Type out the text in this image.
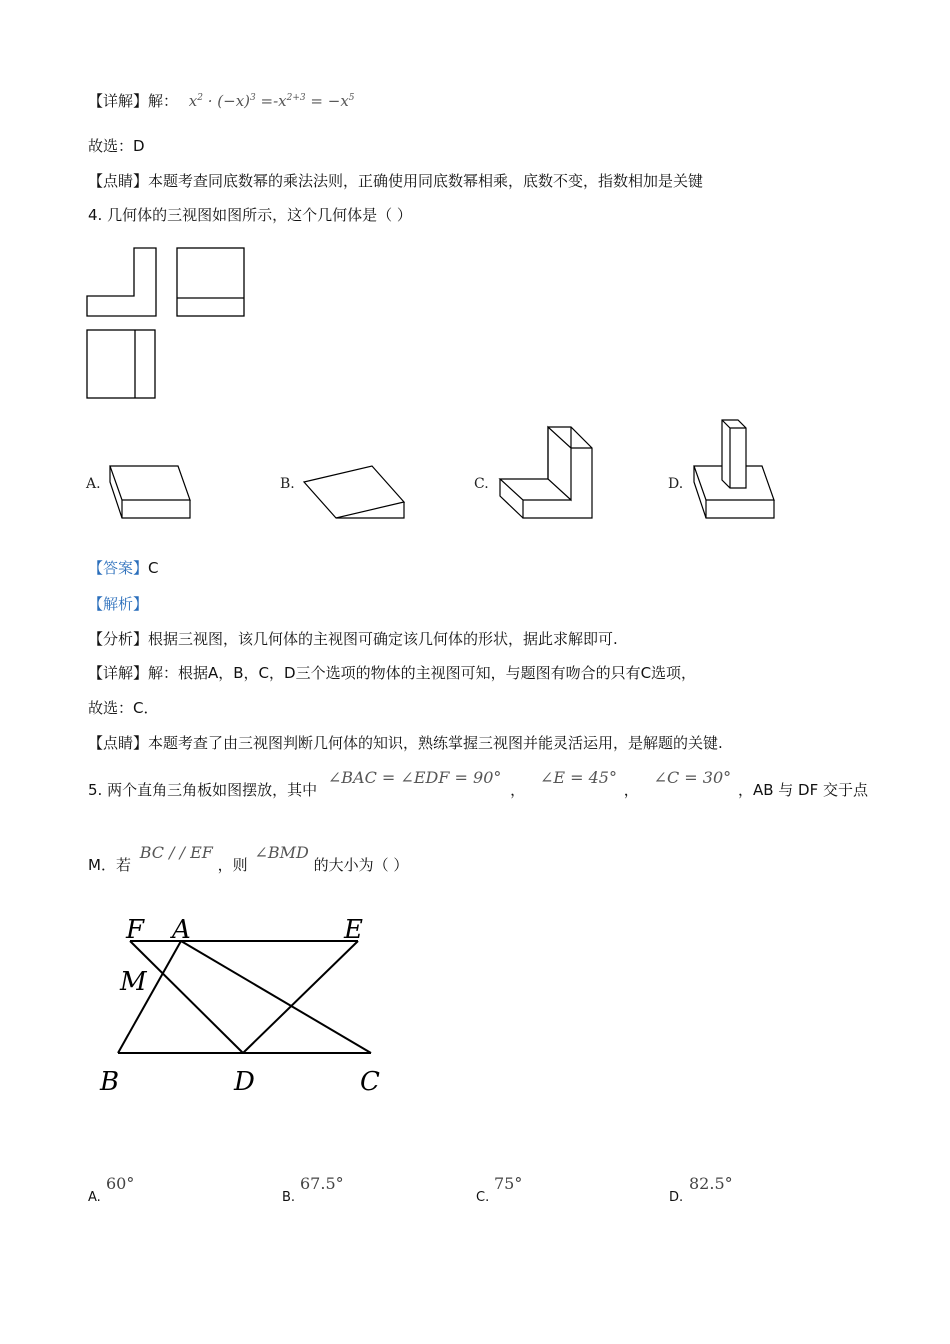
【详解】解： $x^2 \cdot (-x)^3 =-x^{2+3} = -x^5$
故选：D
【点睛】本题考查同底数幂的乘法法则，正确使用同底数幂相乘，底数不变，指数相加是关键
4. 几何体的三视图如图所示，这个几何体是（ ）
A.	B.	C.	D.
【答案】C
【解析】
【分析】根据三视图，该几何体的主视图可确定该几何体的形状，据此求解即可.
【详解】解：根据A，B，C，D三个选项的物体的主视图可知，与题图有吻合的只有C选项，
故选：C．
【点睛】本题考查了由三视图判断几何体的知识，熟练掌握三视图并能灵活运用，是解题的关键.
5. 两个直角三角板如图摆放，其中 ∠BAC = ∠EDF = 90° ， ∠E = 45° ， ∠C = 30° ，AB 与 DF 交于点
M．若 BC / / EF ，则 ∠BMD 的大小为（ ）
F A	E
M
B	D	C
A.
60°
B.
67.5°
C.
75°
D.
82.5°
